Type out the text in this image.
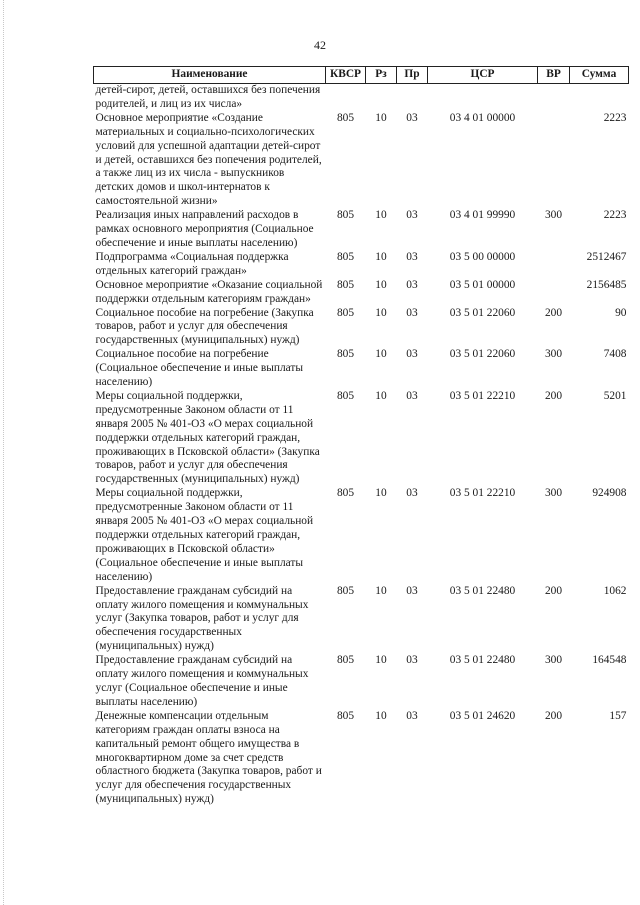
42
Наименование	КВСР	Рз	Пр	ЦСР	ВР	Сумма
детей-сирот, детей, оставшихся без попечения родителей, и лиц из их числа»						
Основное мероприятие «Создание материальных и социально-психологических условий для успешной адаптации детей-сирот и детей, оставшихся без попечения родителей, а также лиц из их числа - выпускников детских домов и школ-интернатов к самостоятельной жизни»	805	10	03	03 4 01 00000		2223
Реализация иных направлений расходов в рамках основного мероприятия (Социальное обеспечение и иные выплаты населению)	805	10	03	03 4 01 99990	300	2223
Подпрограмма «Социальная поддержка отдельных категорий граждан»	805	10	03	03 5 00 00000		2512467
Основное мероприятие «Оказание социальной поддержки отдельным категориям граждан»	805	10	03	03 5 01 00000		2156485
Социальное пособие на погребение (Закупка товаров, работ и услуг для обеспечения государственных (муниципальных) нужд)	805	10	03	03 5 01 22060	200	90
Социальное пособие на погребение (Социальное обеспечение и иные выплаты населению)	805	10	03	03 5 01 22060	300	7408
Меры социальной поддержки, предусмотренные Законом области от 11 января 2005 № 401-ОЗ «О мерах социальной поддержки отдельных категорий граждан, проживающих в Псковской области» (Закупка товаров, работ и услуг для обеспечения государственных (муниципальных) нужд)	805	10	03	03 5 01 22210	200	5201
Меры социальной поддержки, предусмотренные Законом области от 11 января 2005 № 401-ОЗ «О мерах социальной поддержки отдельных категорий граждан, проживающих в Псковской области» (Социальное обеспечение и иные выплаты населению)	805	10	03	03 5 01 22210	300	924908
Предоставление гражданам субсидий на оплату жилого помещения и коммунальных услуг (Закупка товаров, работ и услуг для обеспечения государственных (муниципальных) нужд)	805	10	03	03 5 01 22480	200	1062
Предоставление гражданам субсидий на оплату жилого помещения и коммунальных услуг (Социальное обеспечение и иные выплаты населению)	805	10	03	03 5 01 22480	300	164548
Денежные компенсации отдельным категориям граждан оплаты взноса на капитальный ремонт общего имущества в многоквартирном доме за счет средств областного бюджета (Закупка товаров, работ и услуг для обеспечения государственных (муниципальных) нужд)	805	10	03	03 5 01 24620	200	157
